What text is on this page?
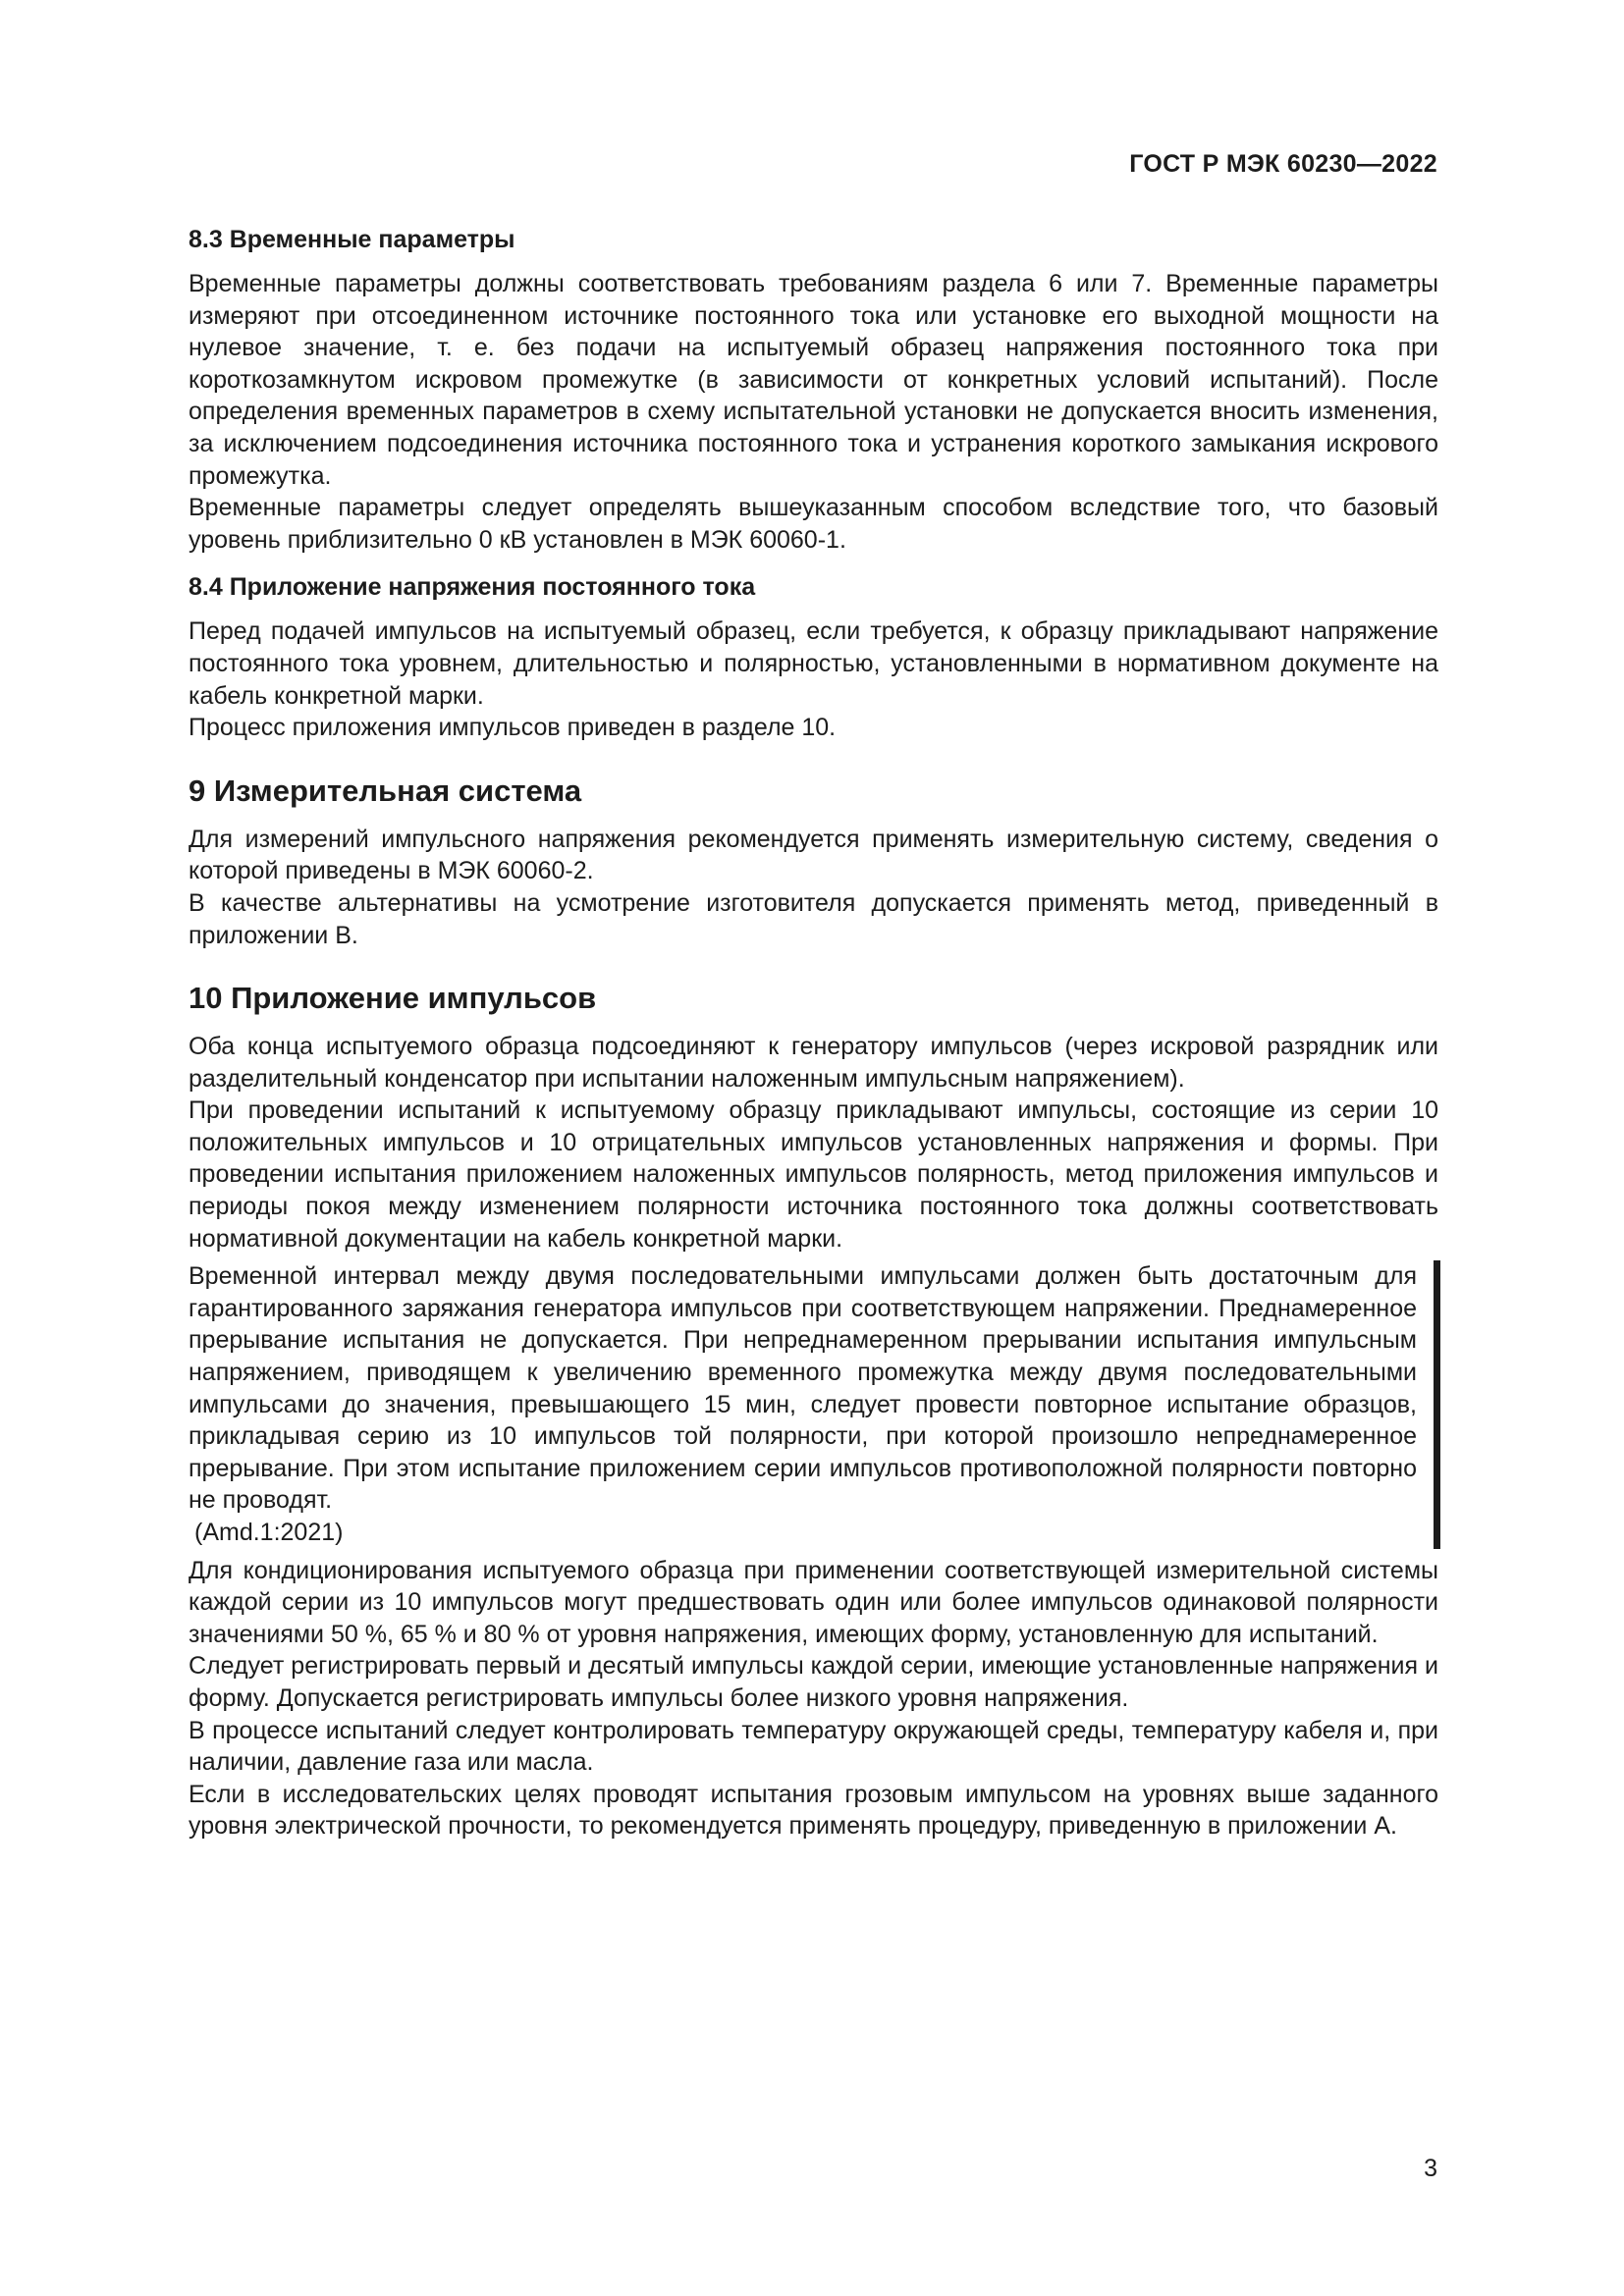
ГОСТ Р МЭК 60230—2022
8.3 Временные параметры

Временные параметры должны соответствовать требованиям раздела 6 или 7. Временные параметры измеряют при отсоединенном источнике постоянного тока или установке его выходной мощности на нулевое значение, т. е. без подачи на испытуемый образец напряжения постоянного тока при короткозамкнутом искровом промежутке (в зависимости от конкретных условий испытаний). После определения временных параметров в схему испытательной установки не допускается вносить изменения, за исключением подсоединения источника постоянного тока и устранения короткого замыкания искрового промежутка.

Временные параметры следует определять вышеуказанным способом вследствие того, что базовый уровень приблизительно 0 кВ установлен в МЭК 60060-1.

8.4 Приложение напряжения постоянного тока

Перед подачей импульсов на испытуемый образец, если требуется, к образцу прикладывают напряжение постоянного тока уровнем, длительностью и полярностью, установленными в нормативном документе на кабель конкретной марки.

Процесс приложения импульсов приведен в разделе 10.

9 Измерительная система

Для измерений импульсного напряжения рекомендуется применять измерительную систему, сведения о которой приведены в МЭК 60060-2.

В качестве альтернативы на усмотрение изготовителя допускается применять метод, приведенный в приложении В.

10 Приложение импульсов

Оба конца испытуемого образца подсоединяют к генератору импульсов (через искровой разрядник или разделительный конденсатор при испытании наложенным импульсным напряжением).

При проведении испытаний к испытуемому образцу прикладывают импульсы, состоящие из серии 10 положительных импульсов и 10 отрицательных импульсов установленных напряжения и формы. При проведении испытания приложением наложенных импульсов полярность, метод приложения импульсов и периоды покоя между изменением полярности источника постоянного тока должны соответствовать нормативной документации на кабель конкретной марки.

Временной интервал между двумя последовательными импульсами должен быть достаточным для гарантированного заряжания генератора импульсов при соответствующем напряжении. Преднамеренное прерывание испытания не допускается. При непреднамеренном прерывании испытания импульсным напряжением, приводящем к увеличению временного промежутка между двумя последовательными импульсами до значения, превышающего 15 мин, следует провести повторное испытание образцов, прикладывая серию из 10 импульсов той полярности, при которой произошло непреднамеренное прерывание. При этом испытание приложением серии импульсов противоположной полярности повторно не проводят.

(Amd.1:2021)

Для кондиционирования испытуемого образца при применении соответствующей измерительной системы каждой серии из 10 импульсов могут предшествовать один или более импульсов одинаковой полярности значениями 50 %, 65 % и 80 % от уровня напряжения, имеющих форму, установленную для испытаний.

Следует регистрировать первый и десятый импульсы каждой серии, имеющие установленные напряжения и форму. Допускается регистрировать импульсы более низкого уровня напряжения.

В процессе испытаний следует контролировать температуру окружающей среды, температуру кабеля и, при наличии, давление газа или масла.

Если в исследовательских целях проводят испытания грозовым импульсом на уровнях выше заданного уровня электрической прочности, то рекомендуется применять процедуру, приведенную в приложении А.

3
